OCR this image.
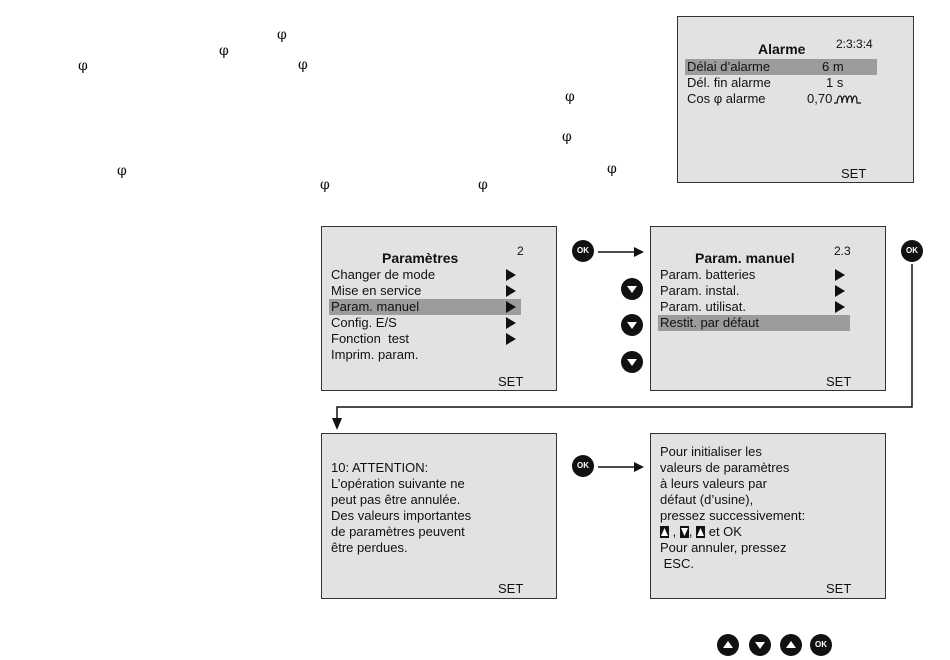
φ
φ
φ	φ
φ
φ
φ	φ
φ	φ
Alarme	2:3:3:4
Délai d’alarme	6 m
Dél. fin alarme	1 s
Cos φ alarme	0,70
SET
Paramètres	2
Changer de mode
Mise en service
Param. manuel
Config. E/S
Fonction  test
Imprim. param.
SET
OK	Param. manuel	2.3
Param. batteries
Param. instal.
Param. utilisat.
Restit. par défaut
SET
OK
10: ATTENTION:
L’opération suivante ne
peut pas être annulée.
Des valeurs importantes
de paramètres peuvent
être perdues.
SET
OK
Pour initialiser les
valeurs de paramètres
à leurs valeurs par
défaut (d’usine),
pressez successivement:
, ,
et OK
Pour annuler, pressez
ESC.
SET
OK
